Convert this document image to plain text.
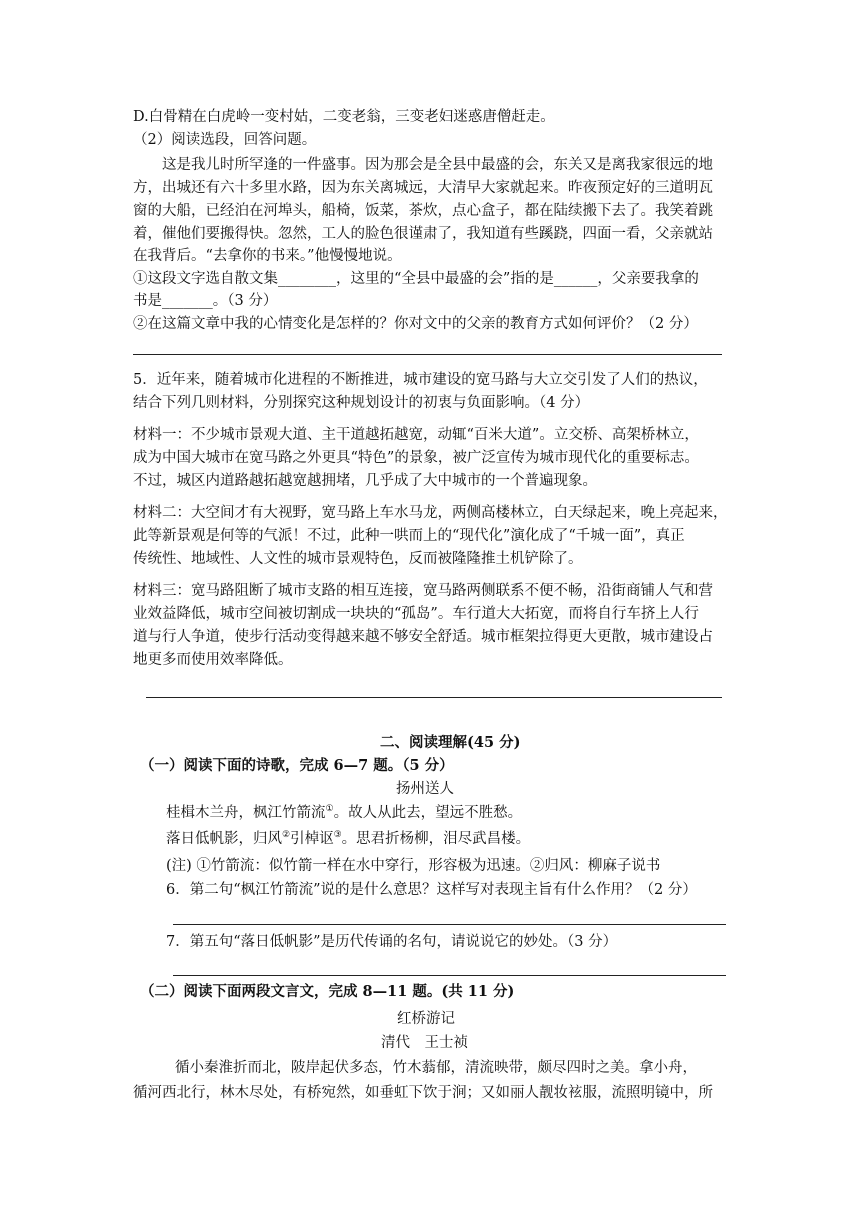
D.白骨精在白虎岭一变村姑，二变老翁，三变老妇迷惑唐僧赶走。
（2）阅读选段，回答问题。
这是我儿时所罕逢的一件盛事。因为那会是全县中最盛的会，东关又是离我家很远的地
方，出城还有六十多里水路，因为东关离城远，大清早大家就起来。昨夜预定好的三道明瓦
窗的大船，已经泊在河埠头，船椅，饭菜，茶炊，点心盒子，都在陆续搬下去了。我笑着跳
着，催他们要搬得快。忽然，工人的脸色很谨肃了，我知道有些蹊跷，四面一看，父亲就站
在我背后。“去拿你的书来。”他慢慢地说。
①这段文字选自散文集________，这里的“全县中最盛的会”指的是______，父亲要我拿的
书是_______。（3 分）
②在这篇文章中我的心情变化是怎样的？你对文中的父亲的教育方式如何评价？（2 分）
5．近年来，随着城市化进程的不断推进，城市建设的宽马路与大立交引发了人们的热议，
结合下列几则材料，分别探究这种规划设计的初衷与负面影响。（4 分）
材料一：不少城市景观大道、主干道越拓越宽，动辄“百米大道”。立交桥、高架桥林立，
成为中国大城市在宽马路之外更具“特色”的景象，被广泛宣传为城市现代化的重要标志。
不过，城区内道路越拓越宽越拥堵，几乎成了大中城市的一个普遍现象。
材料二：大空间才有大视野，宽马路上车水马龙，两侧高楼林立，白天绿起来，晚上亮起来，
此等新景观是何等的气派！不过，此种一哄而上的“现代化”演化成了“千城一面”，真正
传统性、地域性、人文性的城市景观特色，反而被隆隆推土机铲除了。
材料三：宽马路阻断了城市支路的相互连接，宽马路两侧联系不便不畅，沿街商铺人气和营
业效益降低，城市空间被切割成一块块的“孤岛”。车行道大大拓宽，而将自行车挤上人行
道与行人争道，使步行活动变得越来越不够安全舒适。城市框架拉得更大更散，城市建设占
地更多而使用效率降低。
二、阅读理解(45 分)
（一）阅读下面的诗歌，完成 6—7 题。（5 分）
扬州送人
桂楫木兰舟，枫江竹箭流①。故人从此去，望远不胜愁。
落日低帆影，归风②引棹讴③。思君折杨柳，泪尽武昌楼。
(注) ①竹箭流：似竹箭一样在水中穿行，形容极为迅速。②归风：柳麻子说书
6．第二句“枫江竹箭流”说的是什么意思？这样写对表现主旨有什么作用？（2 分）
7．第五句“落日低帆影”是历代传诵的名句，请说说它的妙处。（3 分）
（二）阅读下面两段文言文，完成 8—11 题。(共 11 分)
红桥游记
清代　王士祯
循小秦淮折而北，陂岸起伏多态，竹木蓊郁，清流映带，颇尽四时之美。拿小舟，
循河西北行，林木尽处，有桥宛然，如垂虹下饮于涧；又如丽人靓妆袨服，流照明镜中，所
